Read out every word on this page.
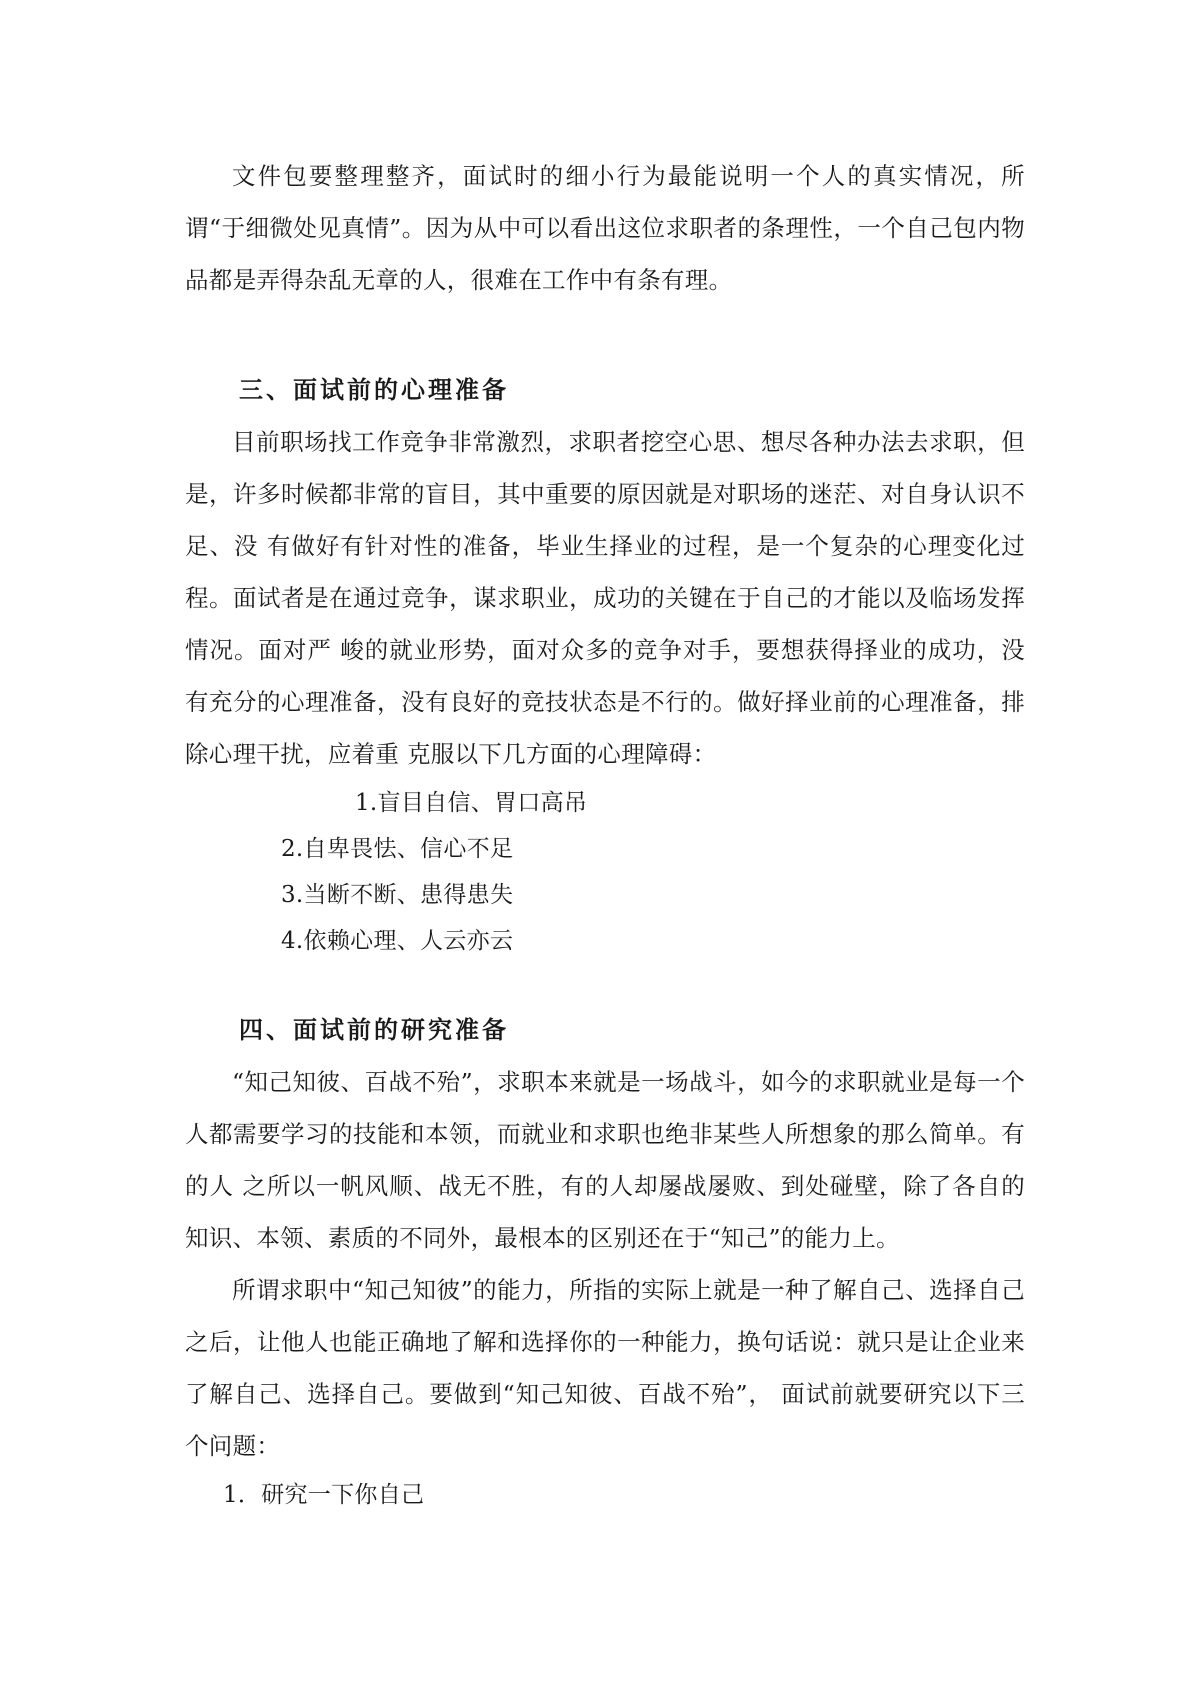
文件包要整理整齐，面试时的细小行为最能说明一个人的真实情况，所谓“于细微处见真情”。因为从中可以看出这位求职者的条理性，一个自己包内物品都是弄得杂乱无章的人，很难在工作中有条有理。

三、面试前的心理准备

目前职场找工作竞争非常激烈，求职者挖空心思、想尽各种办法去求职，但是，许多时候都非常的盲目，其中重要的原因就是对职场的迷茫、对自身认识不足、没 有做好有针对性的准备，毕业生择业的过程，是一个复杂的心理变化过程。面试者是在通过竞争，谋求职业，成功的关键在于自己的才能以及临场发挥情况。面对严 峻的就业形势，面对众多的竞争对手，要想获得择业的成功，没有充分的心理准备，没有良好的竞技状态是不行的。做好择业前的心理准备，排除心理干扰，应着重 克服以下几方面的心理障碍：

1.盲目自信、胃口高吊

2.自卑畏怯、信心不足

3.当断不断、患得患失

4.依赖心理、人云亦云

四、面试前的研究准备

“知己知彼、百战不殆”，求职本来就是一场战斗，如今的求职就业是每一个人都需要学习的技能和本领，而就业和求职也绝非某些人所想象的那么简单。有的人 之所以一帆风顺、战无不胜，有的人却屡战屡败、到处碰壁，除了各自的知识、本领、素质的不同外，最根本的区别还在于“知己”的能力上。

所谓求职中“知己知彼”的能力，所指的实际上就是一种了解自己、选择自己之后，让他人也能正确地了解和选择你的一种能力，换句话说：就只是让企业来了解自己、选择自己。要做到“知己知彼、百战不殆”， 面试前就要研究以下三个问题：

1．研究一下你自己
